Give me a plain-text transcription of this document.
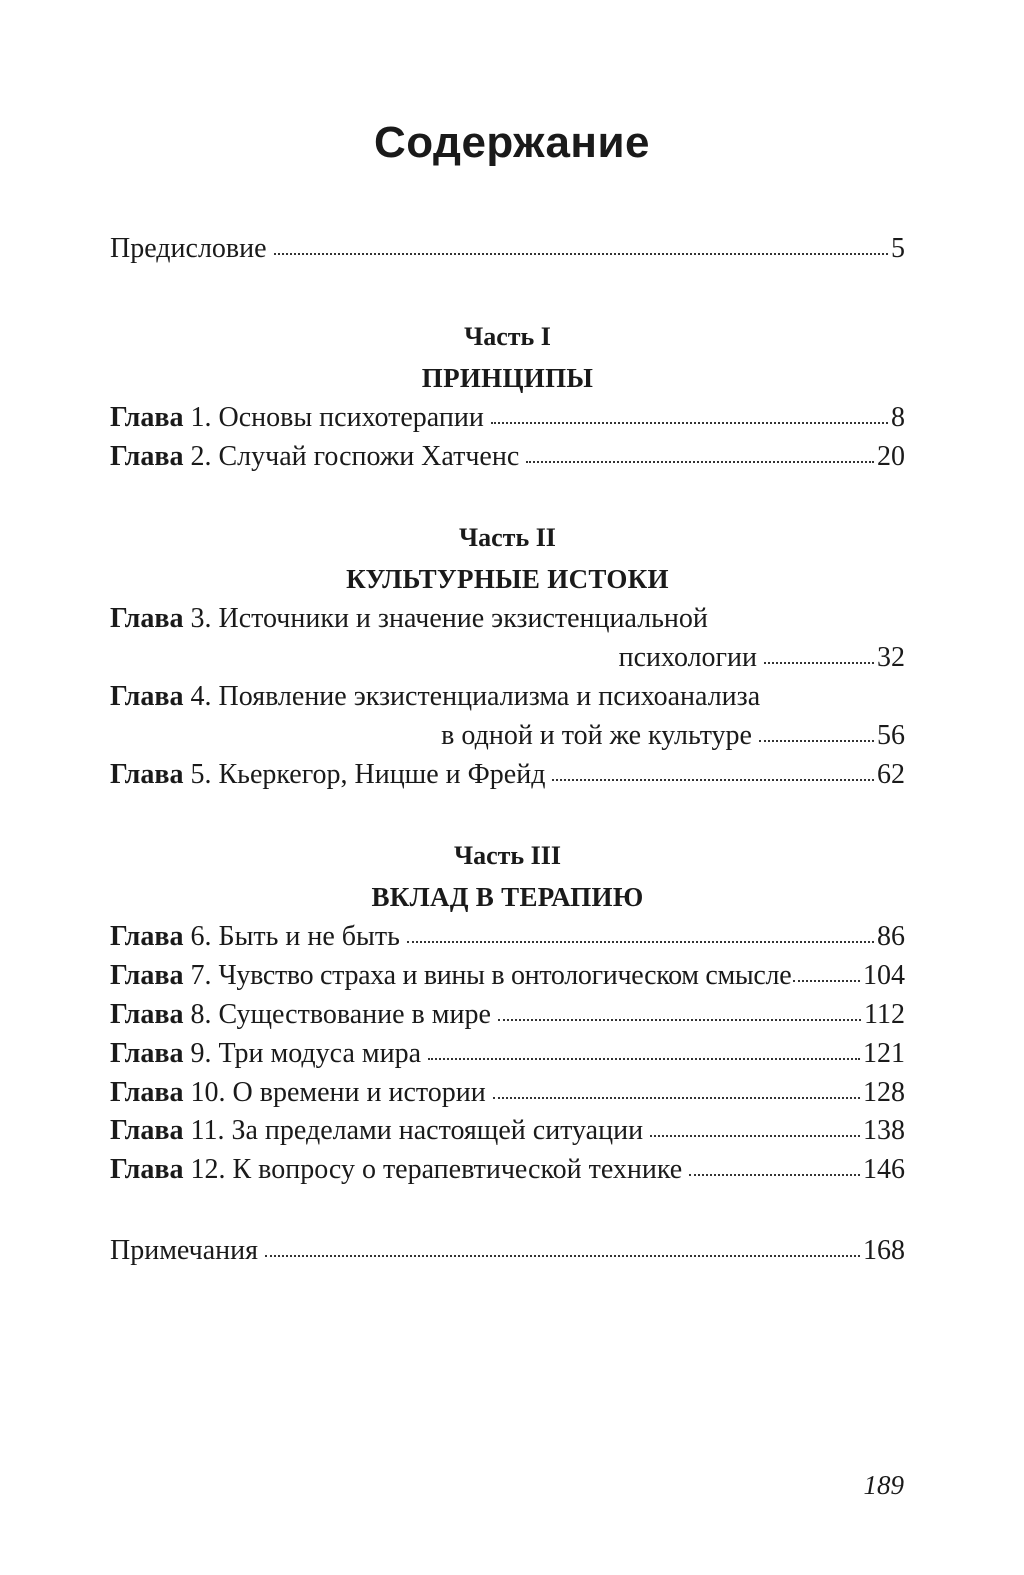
Содержание
Предисловие	5
Часть I
ПРИНЦИПЫ
Глава 1. Основы психотерапии	8
Глава 2. Случай госпожи Хатченс	20
Часть II
КУЛЬТУРНЫЕ ИСТОКИ
Глава 3. Источники и значение экзистенциальной
психологии	32
Глава 4. Появление экзистенциализма и психоанализа
в одной и той же культуре	56
Глава 5. Кьеркегор, Ницше и Фрейд	62
Часть III
ВКЛАД В ТЕРАПИЮ
Глава 6. Быть и не быть	86
Глава 7. Чувство страха и вины в онтологическом смысле	104
Глава 8. Существование в мире	112
Глава 9. Три модуса мира	121
Глава 10. О времени и истории	128
Глава 11. За пределами настоящей ситуации	138
Глава 12. К вопросу о терапевтической технике	146
Примечания	168
189
